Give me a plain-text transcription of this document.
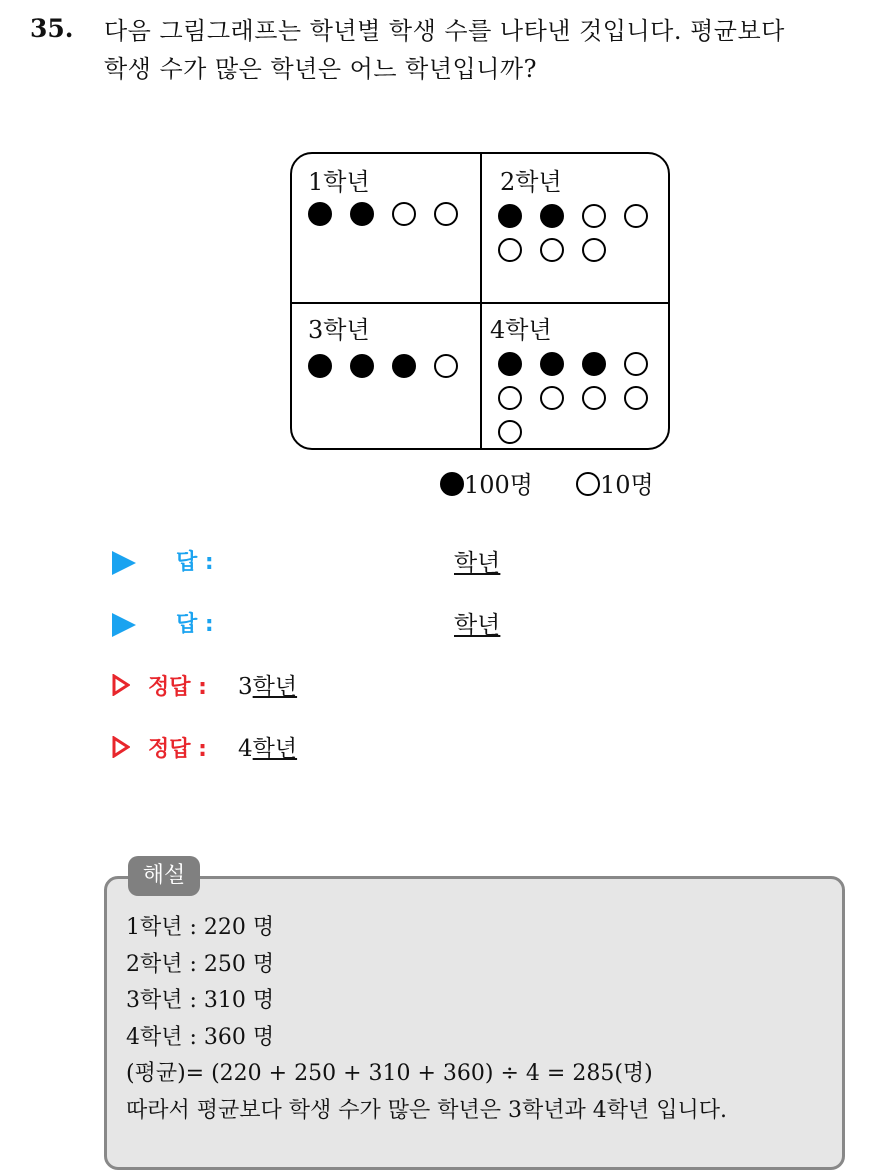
35. 다음 그림그래프는 학년별 학생 수를 나타낸 것입니다. 평균보다
학생 수가 많은 학년은 어느 학년입니까?
1학년	2학년
3학년	4학년
100명	10명
답 :	학년
답 :	학년
정답 : 3학년
정답 : 4학년
해설
1학년 : 220 명
2학년 : 250 명
3학년 : 310 명
4학년 : 360 명
(평균)= (220 + 250 + 310 + 360) ÷ 4 = 285(명)
따라서 평균보다 학생 수가 많은 학년은 3학년과 4학년 입니다.
